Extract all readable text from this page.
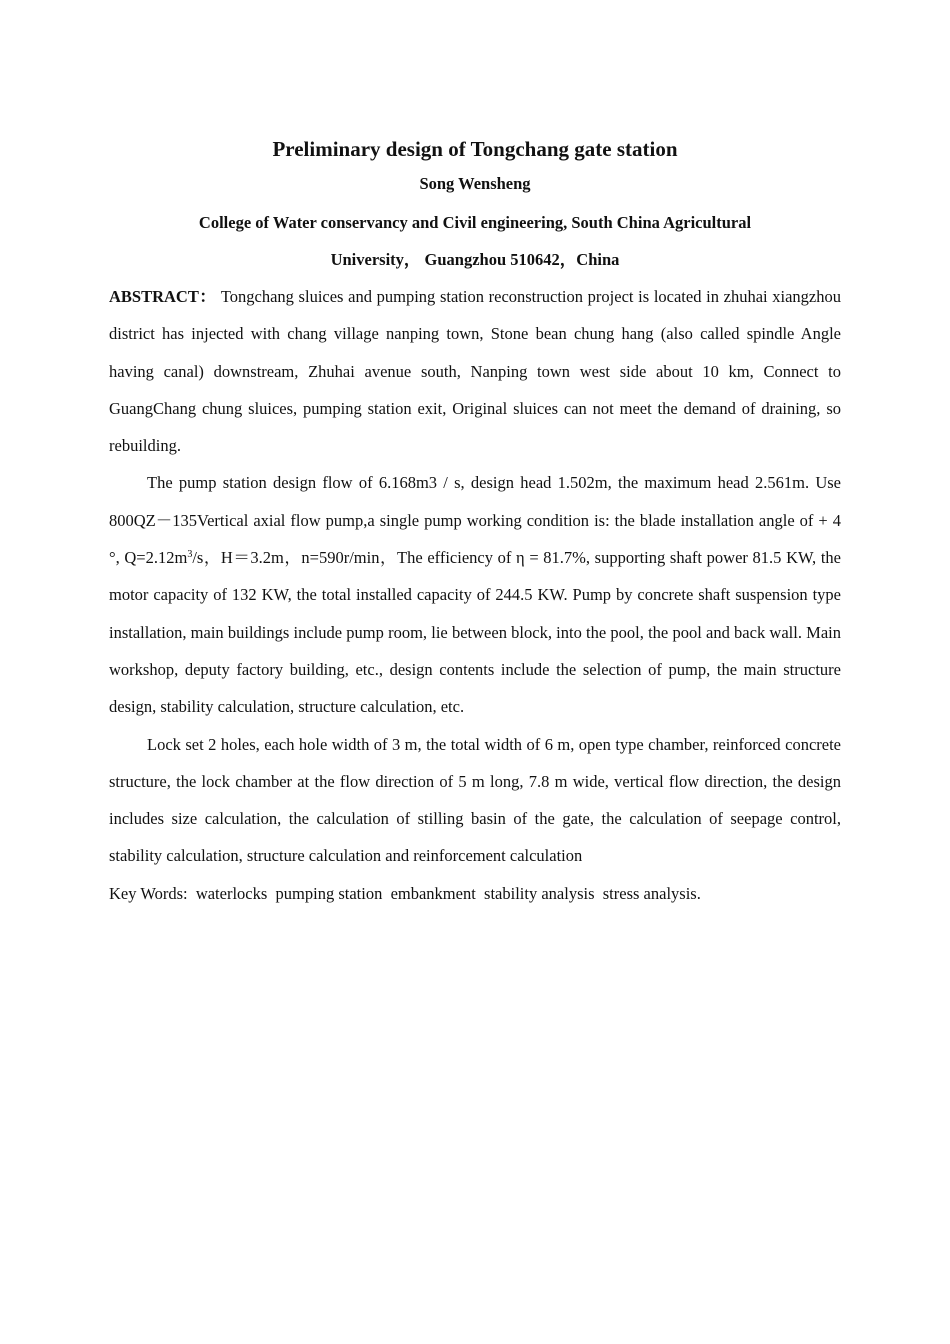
Preliminary design of Tongchang gate station

Song Wensheng

College of Water conservancy and Civil engineering, South China Agricultural

University， Guangzhou 510642，China

ABSTRACT： Tongchang sluices and pumping station reconstruction project is located in zhuhai xiangzhou district has injected with chang village nanping town, Stone bean chung hang (also called spindle Angle having canal) downstream, Zhuhai avenue south, Nanping town west side about 10 km, Connect to GuangChang chung sluices, pumping station exit, Original sluices can not meet the demand of draining, so rebuilding.

The pump station design flow of 6.168m3 / s, design head 1.502m, the maximum head 2.561m. Use 800QZ－135Vertical axial flow pump,a single pump working condition is: the blade installation angle of + 4 °, $Q=2.12m^3/s$，H＝3.2m，n=590r/min，The efficiency of η = 81.7%, supporting shaft power 81.5 KW, the motor capacity of 132 KW, the total installed capacity of 244.5 KW. Pump by concrete shaft suspension type installation, main buildings include pump room, lie between block, into the pool, the pool and back wall. Main workshop, deputy factory building, etc., design contents include the selection of pump, the main structure design, stability calculation, structure calculation, etc.

Lock set 2 holes, each hole width of 3 m, the total width of 6 m, open type chamber, reinforced concrete structure, the lock chamber at the flow direction of 5 m long, 7.8 m wide, vertical flow direction, the design includes size calculation, the calculation of stilling basin of the gate, the calculation of seepage control, stability calculation, structure calculation and reinforcement calculation

Key Words:  waterlocks  pumping station  embankment  stability analysis  stress analysis.
